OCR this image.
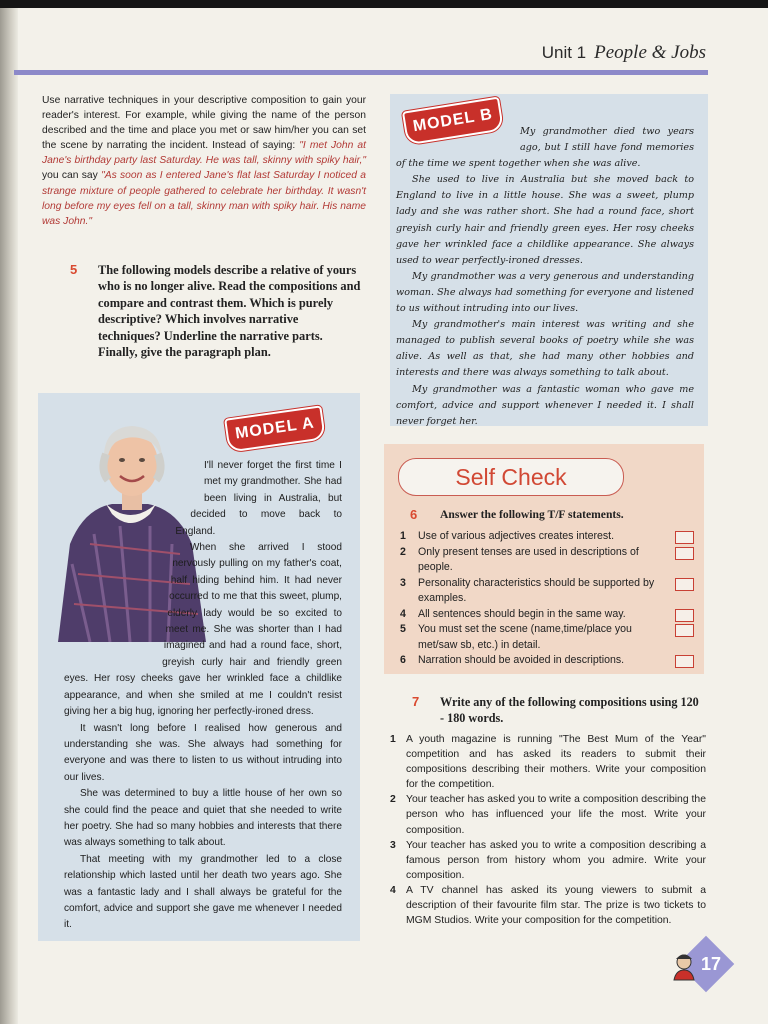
Unit 1 People & Jobs
Use narrative techniques in your descriptive composition to gain your reader's interest. For example, while giving the name of the person described and the time and place you met or saw him/her you can set the scene by narrating the incident. Instead of saying: "I met John at Jane's birthday party last Saturday. He was tall, skinny with spiky hair," you can say "As soon as I entered Jane's flat last Saturday I noticed a strange mixture of people gathered to celebrate her birthday. It wasn't long before my eyes fell on a tall, skinny man with spiky hair. His name was John."
5 The following models describe a relative of yours who is no longer alive. Read the compositions and compare and contrast them. Which is purely descriptive? Which involves narrative techniques? Underline the narrative parts. Finally, give the paragraph plan.

My grandmother died two years ago, but I still have fond memories of the time we spent together when she was alive.

She used to live in Australia but she moved back to England to live in a little house. She was a sweet, plump lady and she was rather short. She had a round face, short greyish curly hair and friendly green eyes. Her rosy cheeks gave her wrinkled face a childlike appearance. She always used to wear perfectly-ironed dresses.

My grandmother was a very generous and understanding woman. She always had something for everyone and listened to us without intruding into our lives.

My grandmother's main interest was writing and she managed to publish several books of poetry while she was alive. As well as that, she had many other hobbies and interests and there was always something to talk about.

My grandmother was a fantastic woman who gave me comfort, advice and support whenever I needed it. I shall never forget her.

MODEL B
MODEL A

I'll never forget the first time I met my grandmother. She had been living in Australia, but decided to move back to England.

When she arrived I stood nervously pulling on my father's coat, half hiding behind him. It had never occurred to me that this sweet, plump, elderly lady would be so excited to meet me. She was shorter than I had imagined and had a round face, short, greyish curly hair and friendly green eyes. Her rosy cheeks gave her wrinkled face a childlike appearance, and when she smiled at me I couldn't resist giving her a big hug, ignoring her perfectly-ironed dress.

It wasn't long before I realised how generous and understanding she was. She always had something for everyone and was there to listen to us without intruding into our lives.

She was determined to buy a little house of her own so she could find the peace and quiet that she needed to write her poetry. She had so many hobbies and interests that there was always something to talk about.

That meeting with my grandmother led to a close relationship which lasted until her death two years ago. She was a fantastic lady and I shall always be grateful for the comfort, advice and support she gave me whenever I needed it.

Self Check
6 Answer the following T/F statements.
1 Use of various adjectives creates interest.
2 Only present tenses are used in descriptions of people.
3 Personality characteristics should be supported by examples.
4 All sentences should begin in the same way.
5 You must set the scene (name,time/place you met/saw sb, etc.) in detail.
6 Narration should be avoided in descriptions.
7 Write any of the following compositions using 120 - 180 words.
1 A youth magazine is running "The Best Mum of the Year" competition and has asked its readers to submit their compositions describing their mothers. Write your composition for the competition.
2 Your teacher has asked you to write a composition describing the person who has influenced your life the most. Write your composition.
3 Your teacher has asked you to write a composition describing a famous person from history whom you admire. Write your composition.
4 A TV channel has asked its young viewers to submit a description of their favourite film star. The prize is two tickets to MGM Studios. Write your composition for the competition.
17
